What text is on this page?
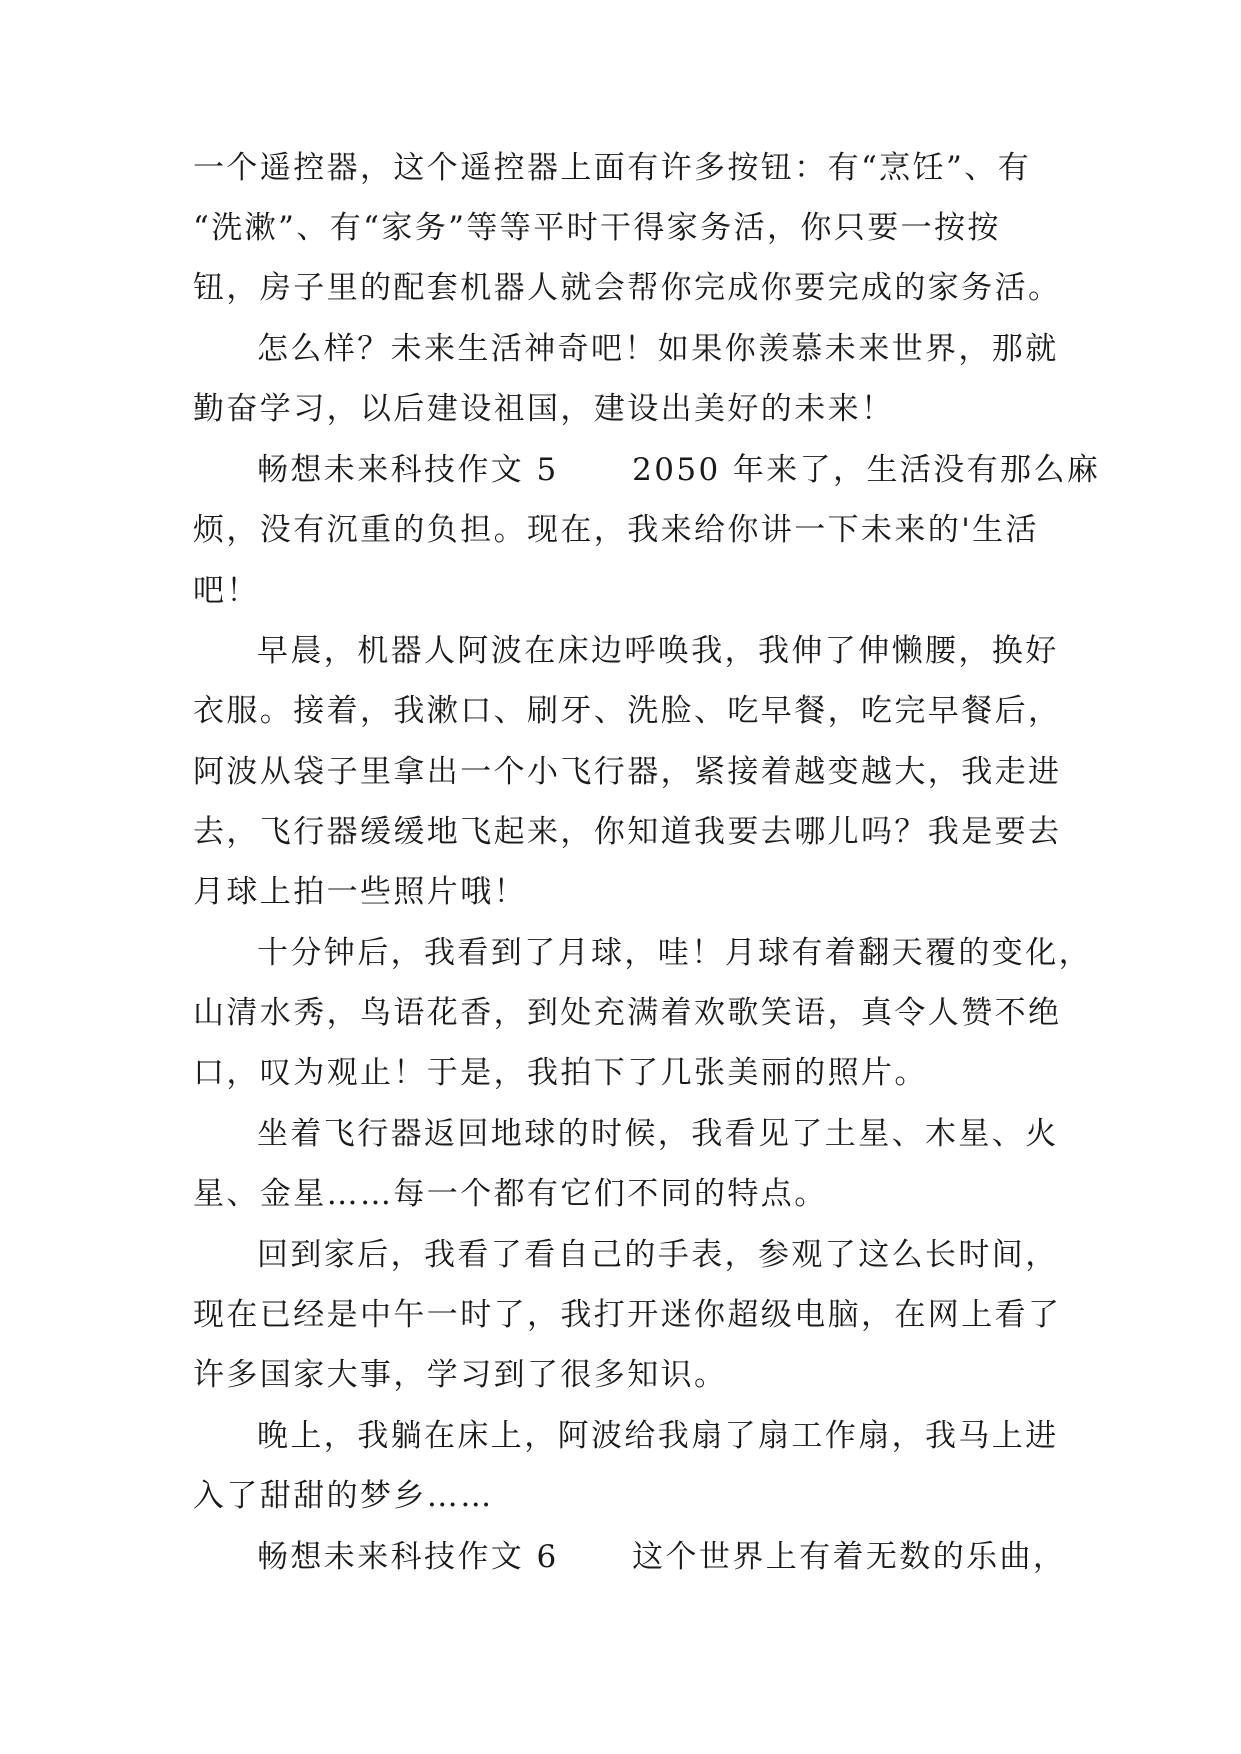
一个遥控器，这个遥控器上面有许多按钮：有“烹饪”、有
“洗漱”、有“家务”等等平时干得家务活，你只要一按按
钮，房子里的配套机器人就会帮你完成你要完成的家务活。
怎么样？未来生活神奇吧！如果你羡慕未来世界，那就
勤奋学习，以后建设祖国，建设出美好的未来！
畅想未来科技作文 5      2050 年来了，生活没有那么麻
烦，没有沉重的负担。现在，我来给你讲一下未来的'生活
吧！
早晨，机器人阿波在床边呼唤我，我伸了伸懒腰，换好
衣服。接着，我漱口、刷牙、洗脸、吃早餐，吃完早餐后，
阿波从袋子里拿出一个小飞行器，紧接着越变越大，我走进
去，飞行器缓缓地飞起来，你知道我要去哪儿吗？我是要去
月球上拍一些照片哦！
十分钟后，我看到了月球，哇！月球有着翻天覆的变化，
山清水秀，鸟语花香，到处充满着欢歌笑语，真令人赞不绝
口，叹为观止！于是，我拍下了几张美丽的照片。
坐着飞行器返回地球的时候，我看见了土星、木星、火
星、金星……每一个都有它们不同的特点。
回到家后，我看了看自己的手表，参观了这么长时间，
现在已经是中午一时了，我打开迷你超级电脑，在网上看了
许多国家大事，学习到了很多知识。
晚上，我躺在床上，阿波给我扇了扇工作扇，我马上进
入了甜甜的梦乡……
畅想未来科技作文 6      这个世界上有着无数的乐曲，
